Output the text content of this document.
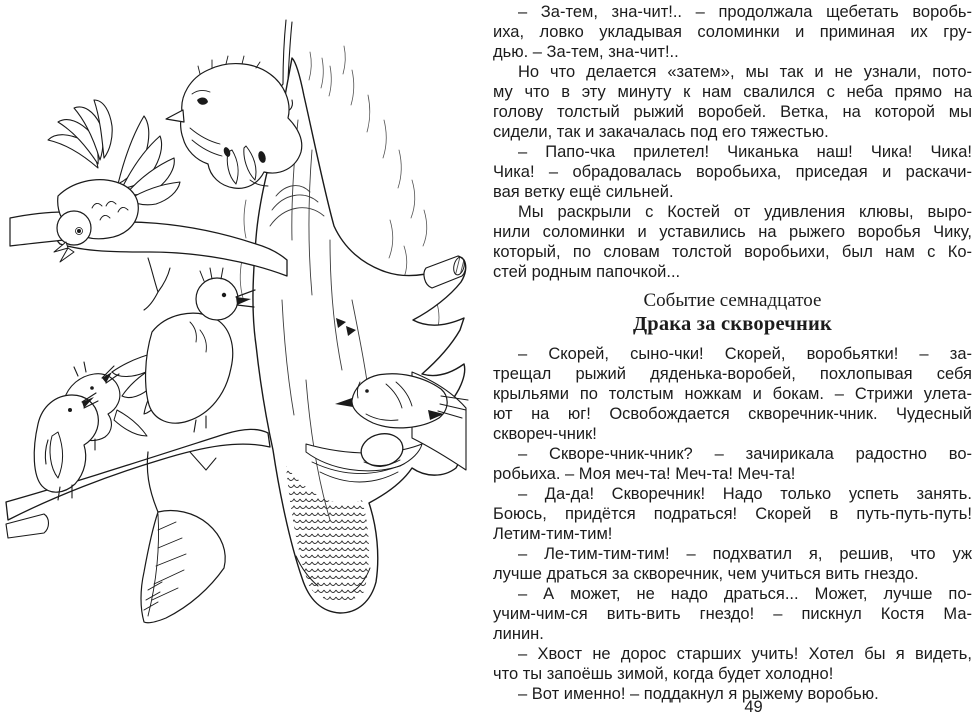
– За-тем, зна-чит!.. – продолжала щебетать воробь-
иха, ловко укладывая соломинки и приминая их гру-
дью. – За-тем, зна-чит!..
Но что делается «затем», мы так и не узнали, пото-
му что в эту минуту к нам свалился с неба прямо на
голову толстый рыжий воробей. Ветка, на которой мы
сидели, так и закачалась под его тяжестью.
– Папо-чка прилетел! Чиканька наш! Чика! Чика!
Чика! – обрадовалась воробьиха, приседая и раскачи-
вая ветку ещё сильней.
Мы раскрыли с Костей от удивления клювы, выро-
нили соломинки и уставились на рыжего воробья Чику,
который, по словам толстой воробьихи, был нам с Ко-
стей родным папочкой...
Событие семнадцатое
Драка за скворечник
– Скорей, сыно-чки! Скорей, воробьятки! – за-
трещал рыжий дяденька-воробей, похлопывая себя
крыльями по толстым ножкам и бокам. – Стрижи улета-
ют на юг! Освобождается скворечник-чник. Чудесный
сквореч-чник!
– Скворе-чник-чник? – зачирикала радостно во-
робьиха. – Моя меч-та! Меч-та! Меч-та!
– Да-да! Скворечник! Надо только успеть занять.
Боюсь, придётся подраться! Скорей в путь-путь-путь!
Летим-тим-тим!
– Ле-тим-тим-тим! – подхватил я, решив, что уж
лучше драться за скворечник, чем учиться вить гнездо.
– А может, не надо драться... Может, лучше по-
учим-чим-ся вить-вить гнездо! – пискнул Костя Ма-
линин.
– Хвост не дорос старших учить! Хотел бы я видеть,
что ты запоёшь зимой, когда будет холодно!
– Вот именно! – поддакнул я рыжему воробью.
49
